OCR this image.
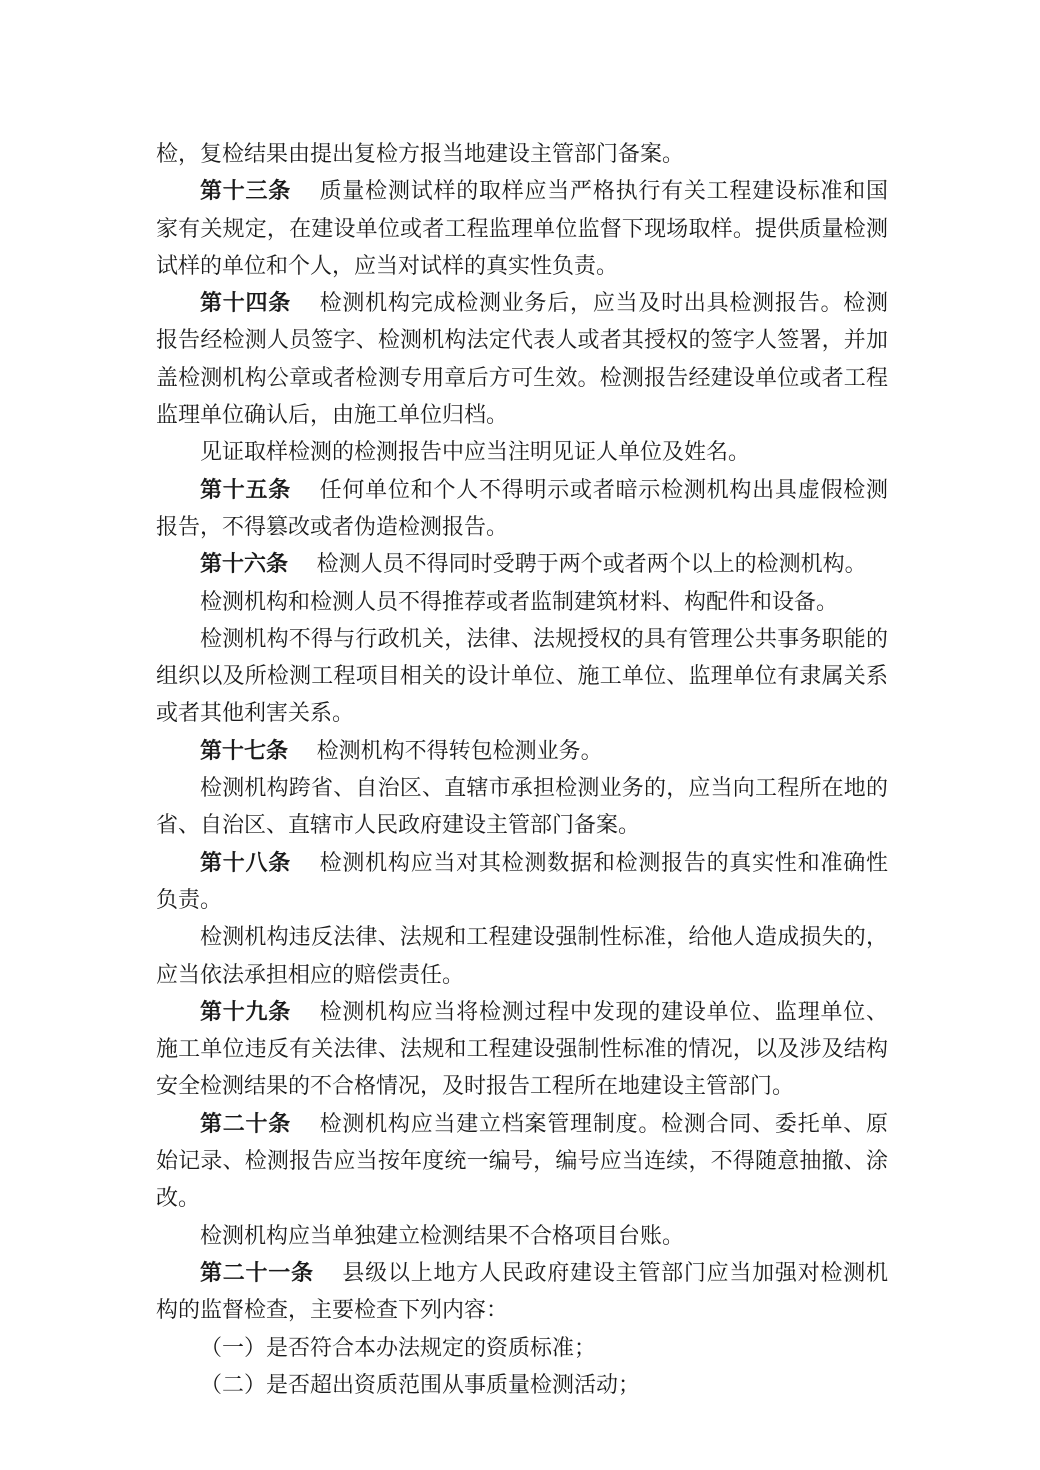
检，复检结果由提出复检方报当地建设主管部门备案。

第十三条 质量检测试样的取样应当严格执行有关工程建设标准和国家有关规定，在建设单位或者工程监理单位监督下现场取样。提供质量检测试样的单位和个人，应当对试样的真实性负责。

第十四条 检测机构完成检测业务后，应当及时出具检测报告。检测报告经检测人员签字、检测机构法定代表人或者其授权的签字人签署，并加盖检测机构公章或者检测专用章后方可生效。检测报告经建设单位或者工程监理单位确认后，由施工单位归档。

见证取样检测的检测报告中应当注明见证人单位及姓名。

第十五条 任何单位和个人不得明示或者暗示检测机构出具虚假检测报告，不得篡改或者伪造检测报告。

第十六条 检测人员不得同时受聘于两个或者两个以上的检测机构。

检测机构和检测人员不得推荐或者监制建筑材料、构配件和设备。

检测机构不得与行政机关，法律、法规授权的具有管理公共事务职能的组织以及所检测工程项目相关的设计单位、施工单位、监理单位有隶属关系或者其他利害关系。

第十七条 检测机构不得转包检测业务。

检测机构跨省、自治区、直辖市承担检测业务的，应当向工程所在地的省、自治区、直辖市人民政府建设主管部门备案。

第十八条 检测机构应当对其检测数据和检测报告的真实性和准确性负责。

检测机构违反法律、法规和工程建设强制性标准，给他人造成损失的，应当依法承担相应的赔偿责任。

第十九条 检测机构应当将检测过程中发现的建设单位、监理单位、施工单位违反有关法律、法规和工程建设强制性标准的情况，以及涉及结构安全检测结果的不合格情况，及时报告工程所在地建设主管部门。

第二十条 检测机构应当建立档案管理制度。检测合同、委托单、原始记录、检测报告应当按年度统一编号，编号应当连续，不得随意抽撤、涂改。

检测机构应当单独建立检测结果不合格项目台账。

第二十一条 县级以上地方人民政府建设主管部门应当加强对检测机构的监督检查，主要检查下列内容：

（一）是否符合本办法规定的资质标准；

（二）是否超出资质范围从事质量检测活动；
